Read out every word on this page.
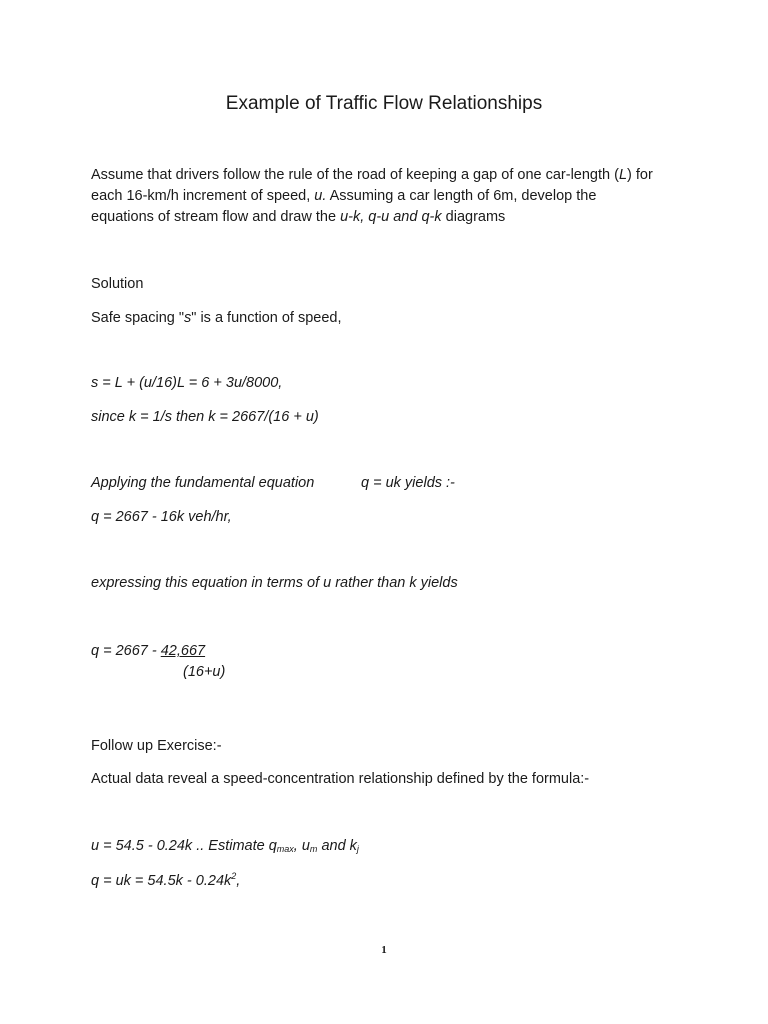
Example of Traffic Flow Relationships
Assume that drivers follow the rule of the road of keeping a gap of one car-length (L) for
each 16-km/h increment of speed, u. Assuming a car length of 6m, develop the
equations of stream flow and draw the u-k, q-u and q-k diagrams
Solution
Safe spacing "s" is a function of speed,
s = L + (u/16)L = 6 + 3u/8000,
since k = 1/s then k = 2667/(16 + u)
Applying the fundamental equation	q = uk yields :-
q = 2667 - 16k veh/hr,
expressing this equation in terms of u rather than k yields
q = 2667 - 42,667
(16+u)
Follow up Exercise:-
Actual data reveal a speed-concentration relationship defined by the formula:-
u = 54.5 - 0.24k .. Estimate $q_{max}$, $u_m$ and $k_j$
q = uk = $54.5k - 0.24k^2$,
1
